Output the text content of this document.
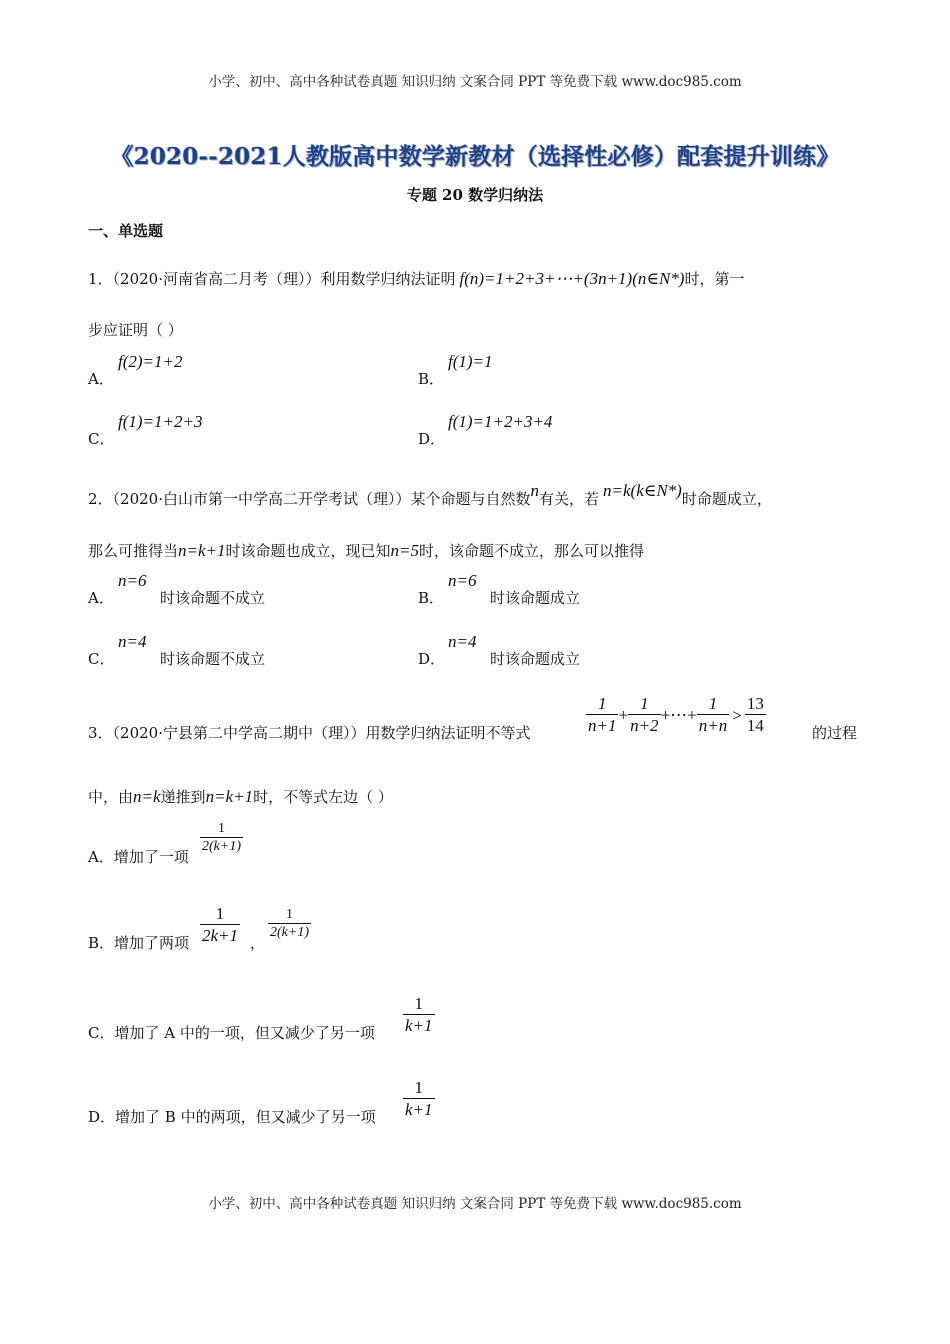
小学、初中、高中各种试卷真题 知识归纳 文案合同 PPT 等免费下载 www.doc985.com
小学、初中、高中各种试卷真题 知识归纳 文案合同 PPT 等免费下载 www.doc985.com
《2020--2021人教版高中数学新教材（选择性必修）配套提升训练》
专题 20 数学归纳法
一、单选题
1．（2020·河南省高二月考（理））利用数学归纳法证明 f(n)=1+2+3+⋯+(3n+1)(n∈N*)时，第一
步应证明（ ）
A．
f(2)=1+2
B．
f(1)=1
C．
f(1)=1+2+3
D．
f(1)=1+2+3+4
2．（2020·白山市第一中学高二开学考试（理））某个命题与自然数n有关，若 n=k(k∈N*)时命题成立，
那么可推得当n=k+1时该命题也成立，现已知n=5时，该命题不成立，那么可以推得
A．
n=6
时该命题不成立	B．
n=6
时该命题成立
C．
n=4
时该命题不成立	D．
n=4
时该命题成立
3．（2020·宁县第二中学高二期中（理））用数学归纳法证明不等式	$\frac{1}{n+1} + \frac{1}{n+2}$ +⋯+ $\frac{1}{n+n} > \frac{13}{14}$	的过程
中，由n=k递推到n=k+1时，不等式左边（ ）
A．增加了一项
$\frac{1}{2(k+1)}$
B．增加了两项 $\frac{1}{2k+1}$ ，
$\frac{1}{2(k+1)}$
C．增加了 A 中的一项，但又减少了另一项 $\frac{1}{k+1}$
D．增加了 B 中的两项，但又减少了另一项 $\frac{1}{k+1}$
